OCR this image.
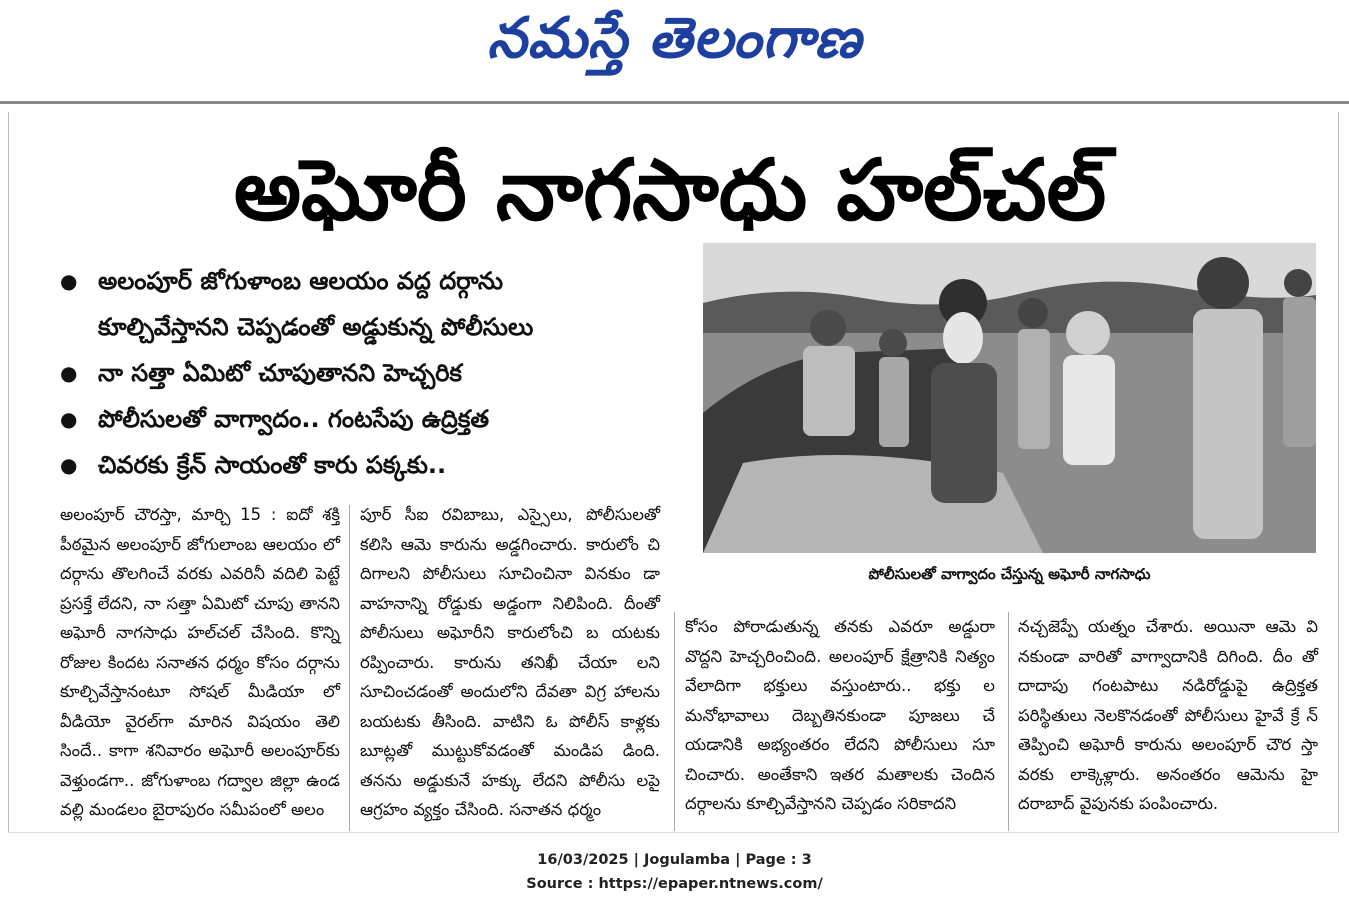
నమస్తే తెలంగాణ
అఘోరీ నాగసాధు హల్‌చల్
● అలంపూర్ జోగుళాంబ ఆలయం వద్ద దర్గాను
కూల్చివేస్తానని చెప్పడంతో అడ్డుకున్న పోలీసులు
● నా సత్తా ఏమిటో చూపుతానని హెచ్చరిక
● పోలీసులతో వాగ్వాదం.. గంటసేపు ఉద్రిక్తత
● చివరకు క్రేన్ సాయంతో కారు పక్కకు..
పోలీసులతో వాగ్వాదం చేస్తున్న అఘోరీ నాగసాధు
అలంపూర్ చౌరస్తా, మార్చి 15 : ఐదో శక్తి పీఠమైన అలంపూర్ జోగులాంబ ఆలయం లో దర్గాను తొలగించే వరకు ఎవరినీ వదిలి పెట్టే ప్రసక్తే లేదని, నా సత్తా ఏమిటో చూపు తానని అఘోరీ నాగసాధు హల్‌చల్ చేసింది. కొన్ని రోజుల కిందట సనాతన ధర్మం కోసం దర్గాను కూల్చివేస్తానంటూ సోషల్ మీడియా లో వీడియో వైరల్‌గా మారిన విషయం తెలి సిందే.. కాగా శనివారం అఘోరీ అలంపూర్‌కు వెళ్తుండగా.. జోగుళాంబ గద్వాల జిల్లా ఉండ వల్లి మండలం బైరాపురం సమీపంలో అలం
పూర్ సీఐ రవిబాబు, ఎస్సైలు, పోలీసులతో కలిసి ఆమె కారును అడ్డగించారు. కారులోం చి దిగాలని పోలీసులు సూచించినా వినకుం డా వాహనాన్ని రోడ్డుకు అడ్డంగా నిలిపింది. దీంతో పోలీసులు అఘోరీని కారులోంచి బ యటకు రప్పించారు. కారును తనిఖీ చేయా లని సూచించడంతో అందులోని దేవతా విగ్ర హాలను బయటకు తీసింది. వాటిని ఓ పోలీస్ కాళ్లకు బూట్లతో ముట్టుకోవడంతో మండిప డింది. తనను అడ్డుకునే హక్కు లేదని పోలీసు లపై ఆగ్రహం వ్యక్తం చేసింది. సనాతన ధర్మం
కోసం పోరాడుతున్న తనకు ఎవరూ అడ్డురా వొద్దని హెచ్చరించింది. అలంపూర్ క్షేత్రానికి నిత్యం వేలాదిగా భక్తులు వస్తుంటారు.. భక్తు ల మనోభావాలు దెబ్బతినకుండా పూజలు చే యడానికి అభ్యంతరం లేదని పోలీసులు సూ చించారు. అంతేకాని ఇతర మతాలకు చెందిన దర్గాలను కూల్చివేస్తానని చెప్పడం సరికాదని
నచ్చజెప్పే యత్నం చేశారు. అయినా ఆమె వి నకుండా వారితో వాగ్వాదానికి దిగింది. దీం తో దాదాపు గంటపాటు నడిరోడ్డుపై ఉద్రిక్తత పరిస్థితులు నెలకొనడంతో పోలీసులు హైవే క్రే న్ తెప్పించి అఘోరీ కారును అలంపూర్ చౌర స్తా వరకు లాక్కెళ్లారు. అనంతరం ఆమెను హై దరాబాద్ వైపునకు పంపించారు.
16/03/2025 | Jogulamba | Page : 3
Source : https://epaper.ntnews.com/
